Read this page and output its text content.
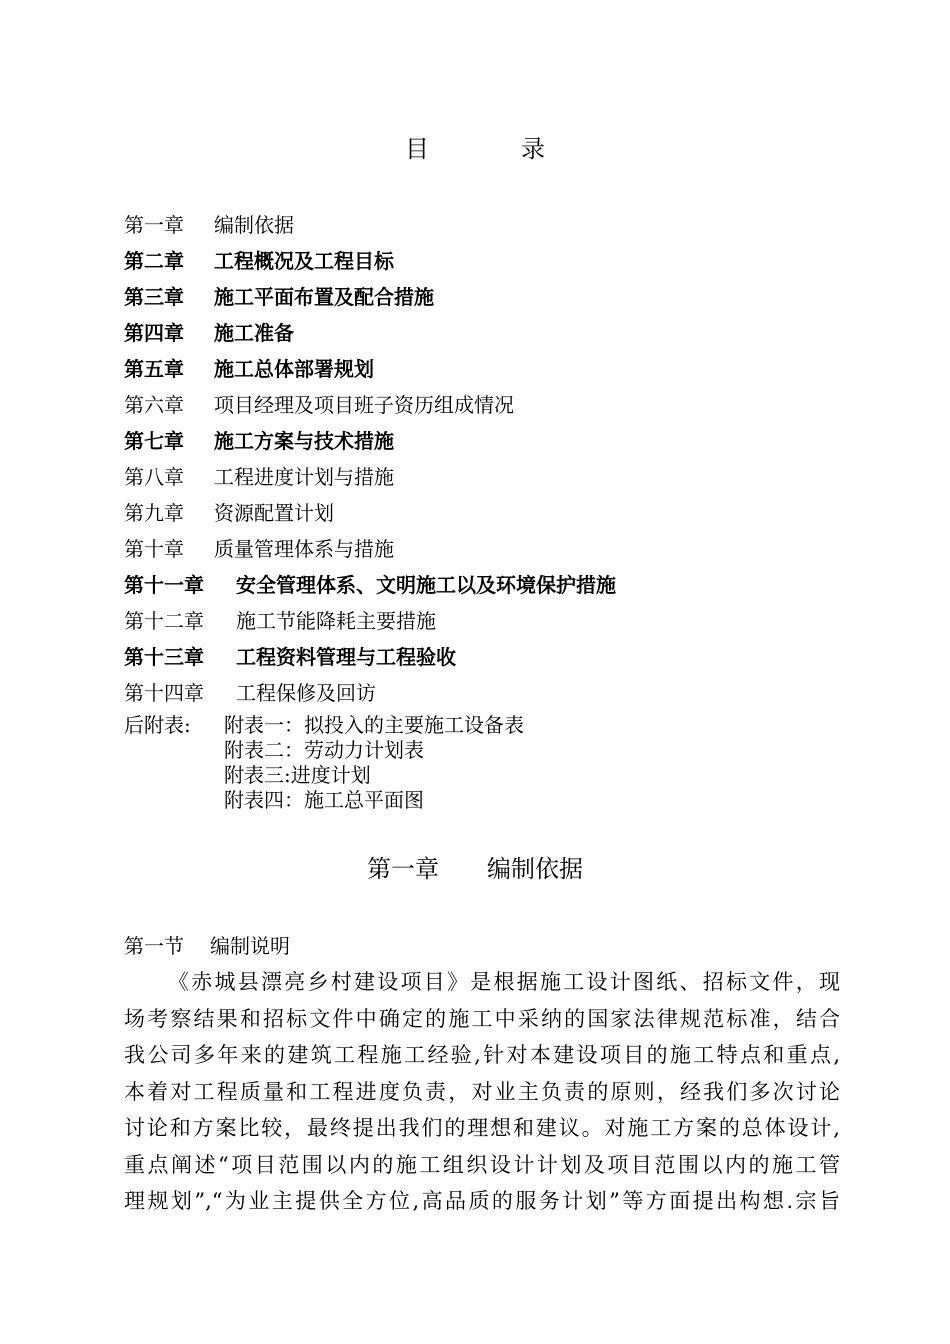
目	录
第一章 编制依据
第二章 工程概况及工程目标
第三章 施工平面布置及配合措施
第四章 施工准备
第五章 施工总体部署规划
第六章 项目经理及项目班子资历组成情况
第七章 施工方案与技术措施
第八章 工程进度计划与措施
第九章 资源配置计划
第十章 质量管理体系与措施
第十一章 安全管理体系、文明施工以及环境保护措施
第十二章 施工节能降耗主要措施
第十三章 工程资料管理与工程验收
第十四章 工程保修及回访
后附表: 附表一：拟投入的主要施工设备表
附表二：劳动力计划表
附表三:进度计划
附表四：施工总平面图
第一章 编制依据
第一节 编制说明
《赤城县漂亮乡村建设项目》是根据施工设计图纸、招标文件，现
场考察结果和招标文件中确定的施工中采纳的国家法律规范标准，结合
我公司多年来的建筑工程施工经验,针对本建设项目的施工特点和重点,
本着对工程质量和工程进度负责，对业主负责的原则，经我们多次讨论
讨论和方案比较，最终提出我们的理想和建议。对施工方案的总体设计,
重点阐述“项目范围以内的施工组织设计计划及项目范围以内的施工管
理规划”,“为业主提供全方位,高品质的服务计划”等方面提出构想.宗旨
